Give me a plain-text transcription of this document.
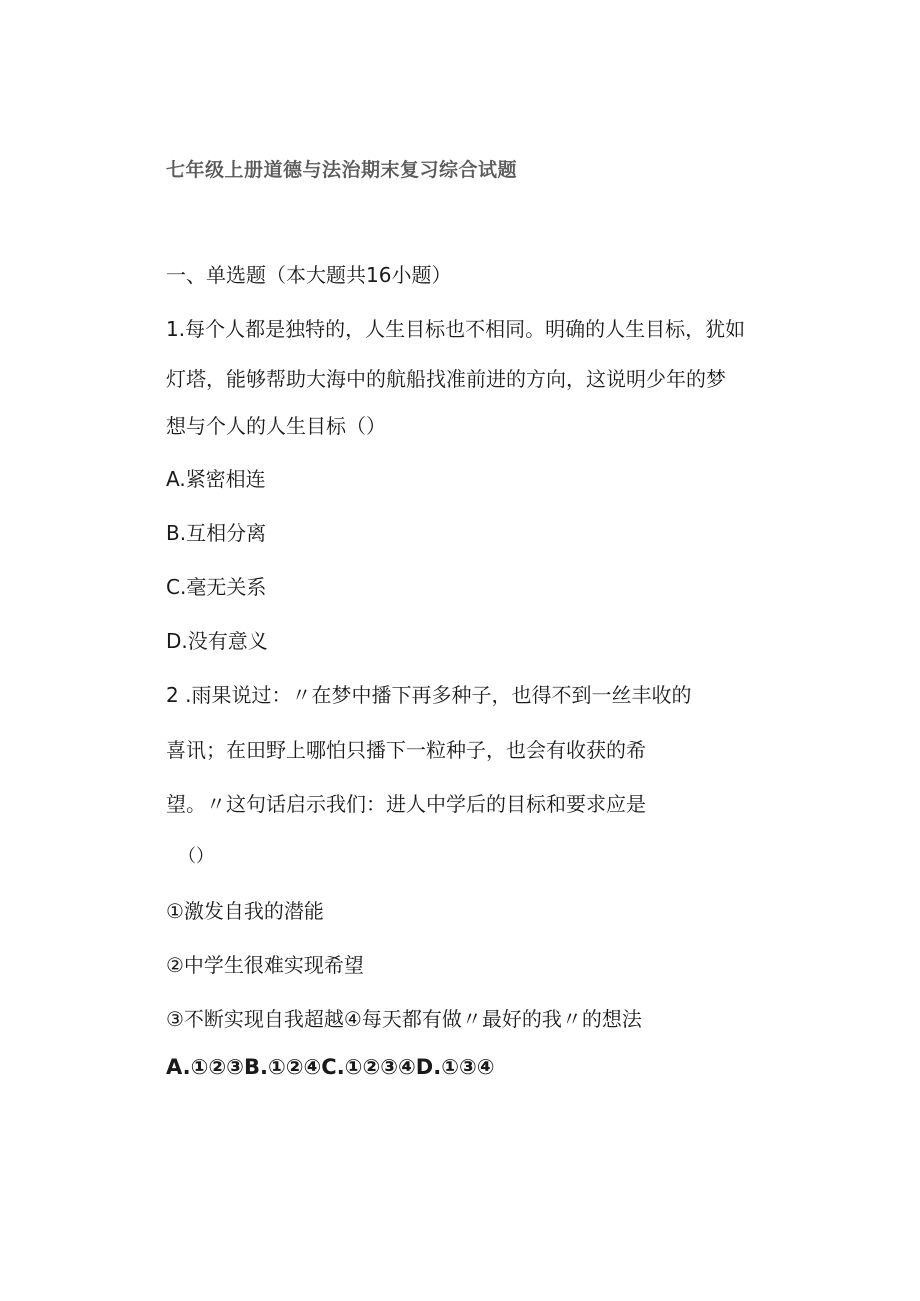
七年级上册道德与法治期末复习综合试题
一、单选题（本大题共16小题）
1.每个人都是独特的，人生目标也不相同。明确的人生目标，犹如
灯塔，能够帮助大海中的航船找准前进的方向，这说明少年的梦
想与个人的人生目标（）
A.紧密相连
B.互相分离
C.毫无关系
D.没有意义
2 .雨果说过：〃在梦中播下再多种子，也得不到一丝丰收的
喜讯；在田野上哪怕只播下一粒种子，也会有收获的希
望。〃这句话启示我们：进人中学后的目标和要求应是
（）
①激发自我的潜能
②中学生很难实现希望
③不断实现自我超越④每天都有做〃最好的我〃的想法
A.①②③B.①②④C.①②③④D.①③④
